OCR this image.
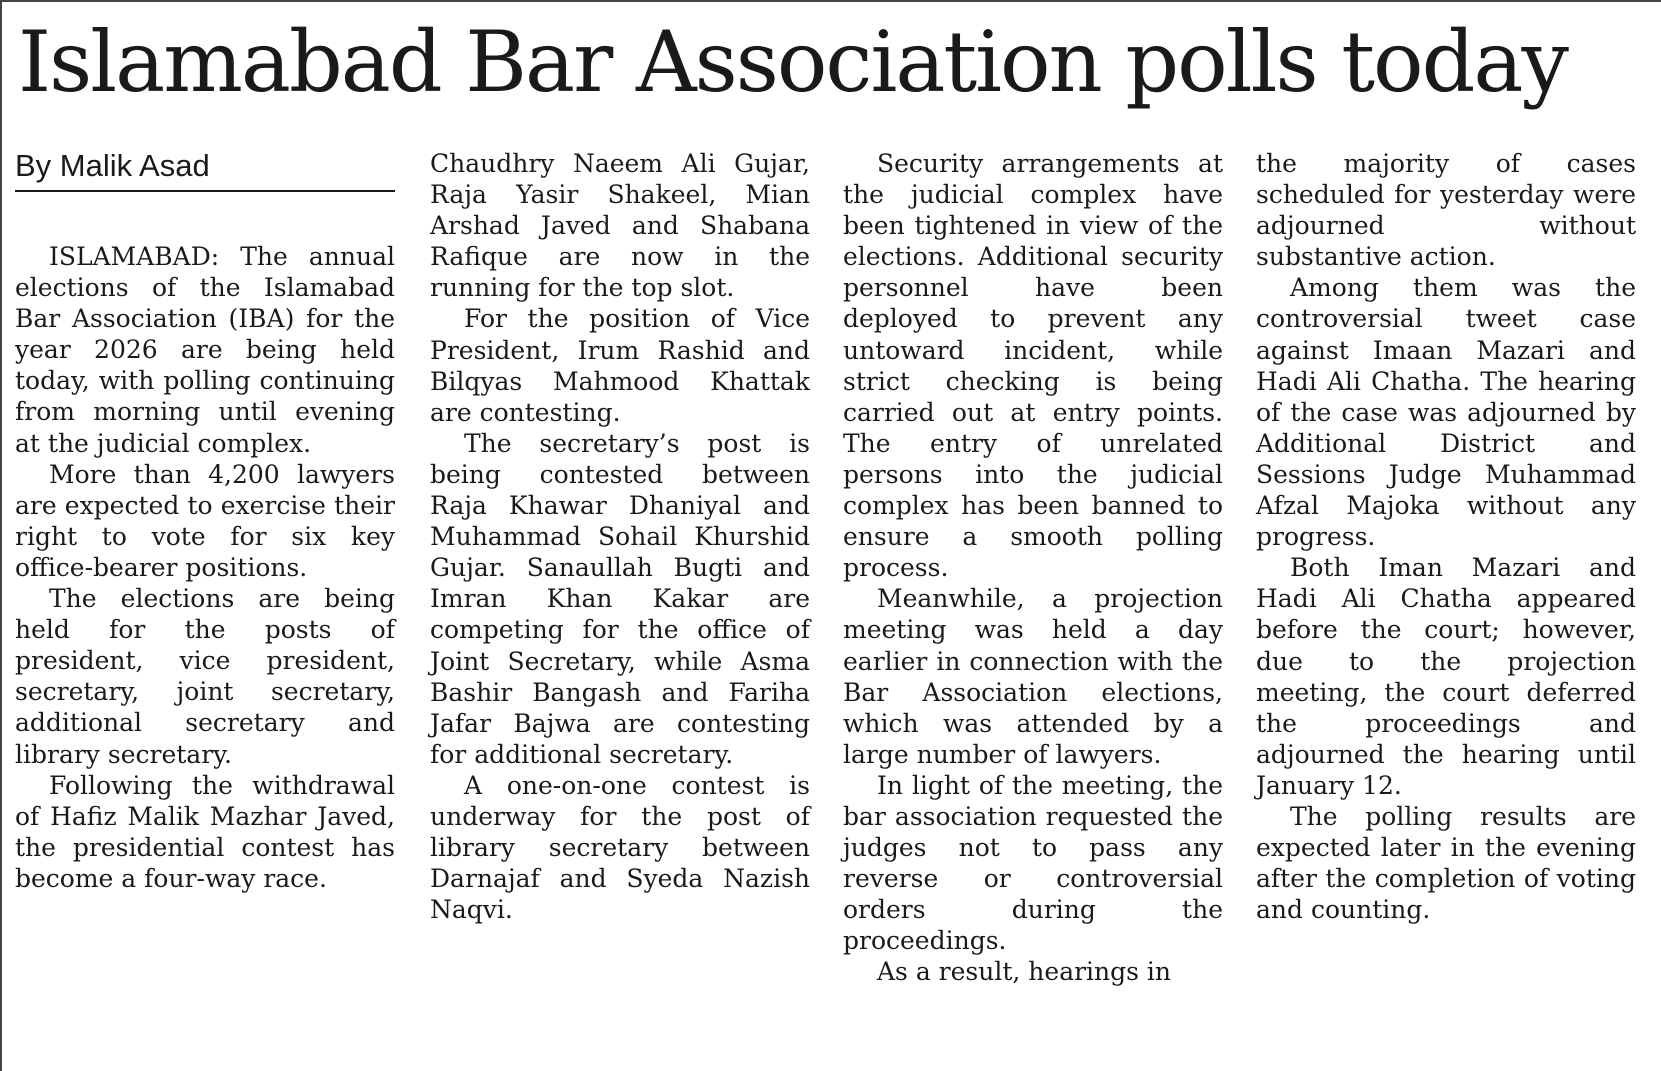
Islamabad Bar Association polls today
By Malik Asad

ISLAMABAD: The annual elections of the Islamabad Bar Association (IBA) for the year 2026 are being held today, with polling continuing from morning until evening at the judicial complex.

More than 4,200 lawyers are expected to exercise their right to vote for six key office-bearer positions.

The elections are being held for the posts of president, vice president, secretary, joint secretary, additional secretary and library secretary.

Following the withdrawal of Hafiz Malik Mazhar Javed, the presidential contest has become a four-way race.

Chaudhry Naeem Ali Gujar, Raja Yasir Shakeel, Mian Arshad Javed and Shabana Rafique are now in the running for the top slot.

For the position of Vice President, Irum Rashid and Bilqyas Mahmood Khattak are contesting.

The secretary’s post is being contested between Raja Khawar Dhaniyal and Muhammad Sohail Khurshid Gujar. Sanaullah Bugti and Imran Khan Kakar are competing for the office of Joint Secretary, while Asma Bashir Bangash and Fariha Jafar Bajwa are contesting for additional secretary.

A one-on-one contest is underway for the post of library secretary between Darnajaf and Syeda Nazish Naqvi.

Security arrangements at the judicial complex have been tightened in view of the elections. Additional security personnel have been deployed to prevent any untoward incident, while strict checking is being carried out at entry points. The entry of unrelated persons into the judicial complex has been banned to ensure a smooth polling process.

Meanwhile, a projection meeting was held a day earlier in connection with the Bar Association elections, which was attended by a large number of lawyers.

In light of the meeting, the bar association requested the judges not to pass any reverse or controversial orders during the proceedings.

As a result, hearings in

the majority of cases scheduled for yesterday were adjourned without substantive action.

Among them was the controversial tweet case against Imaan Mazari and Hadi Ali Chatha. The hearing of the case was adjourned by Additional District and Sessions Judge Muhammad Afzal Majoka without any progress.

Both Iman Mazari and Hadi Ali Chatha appeared before the court; however, due to the projection meeting, the court deferred the proceedings and adjourned the hearing until January 12.

The polling results are expected later in the evening after the completion of voting and counting.
